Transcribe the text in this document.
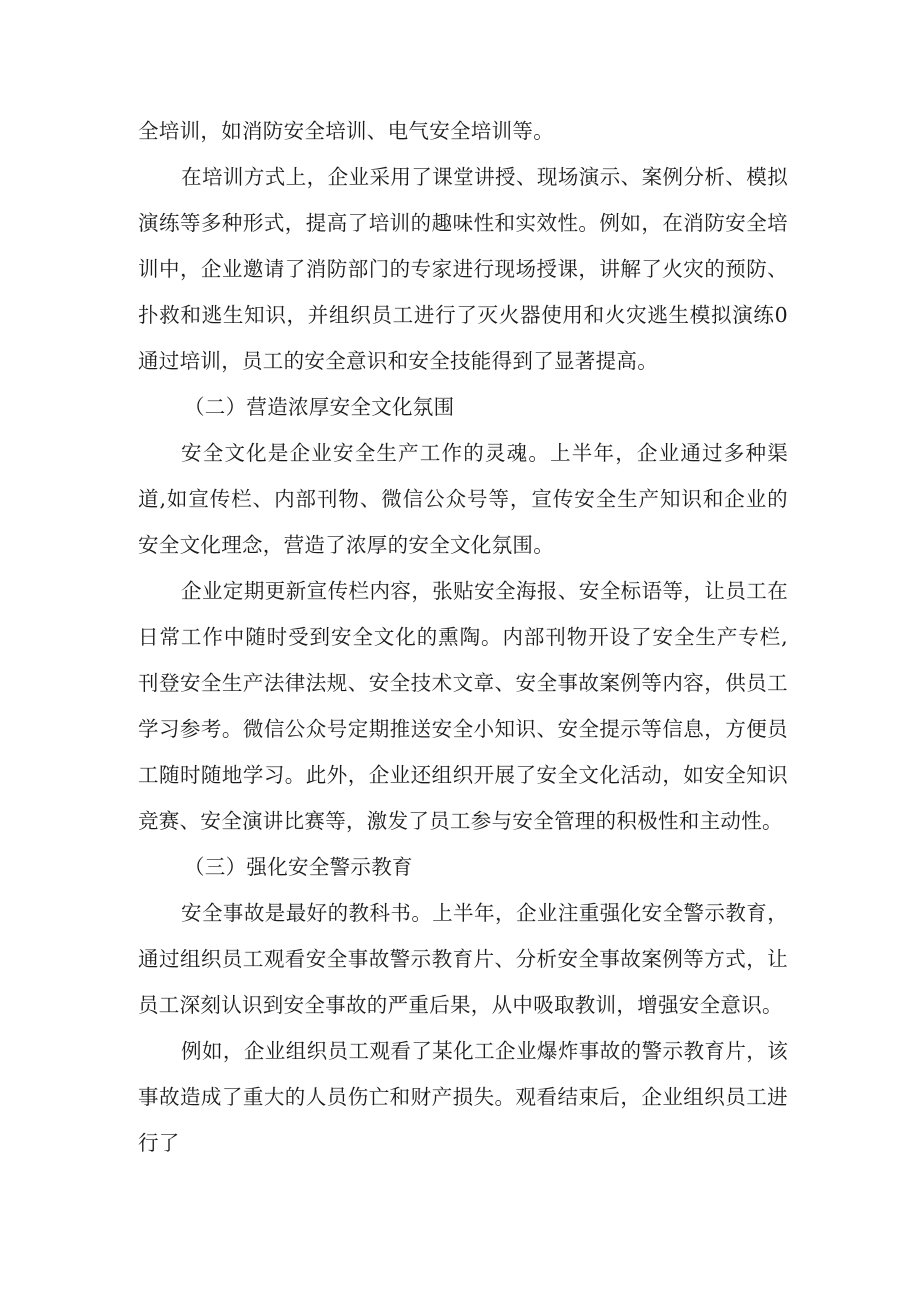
全培训，如消防安全培训、电气安全培训等。

在培训方式上，企业采用了课堂讲授、现场演示、案例分析、模拟演练等多种形式，提高了培训的趣味性和实效性。例如，在消防安全培训中，企业邀请了消防部门的专家进行现场授课，讲解了火灾的预防、扑救和逃生知识，并组织员工进行了灭火器使用和火灾逃生模拟演练0通过培训，员工的安全意识和安全技能得到了显著提高。

（二）营造浓厚安全文化氛围

安全文化是企业安全生产工作的灵魂。上半年，企业通过多种渠道,如宣传栏、内部刊物、微信公众号等，宣传安全生产知识和企业的安全文化理念，营造了浓厚的安全文化氛围。

企业定期更新宣传栏内容，张贴安全海报、安全标语等，让员工在日常工作中随时受到安全文化的熏陶。内部刊物开设了安全生产专栏,刊登安全生产法律法规、安全技术文章、安全事故案例等内容，供员工学习参考。微信公众号定期推送安全小知识、安全提示等信息，方便员工随时随地学习。此外，企业还组织开展了安全文化活动，如安全知识竞赛、安全演讲比赛等，激发了员工参与安全管理的积极性和主动性。

（三）强化安全警示教育

安全事故是最好的教科书。上半年，企业注重强化安全警示教育，通过组织员工观看安全事故警示教育片、分析安全事故案例等方式，让员工深刻认识到安全事故的严重后果，从中吸取教训，增强安全意识。

例如，企业组织员工观看了某化工企业爆炸事故的警示教育片，该事故造成了重大的人员伤亡和财产损失。观看结束后，企业组织员工进行了
